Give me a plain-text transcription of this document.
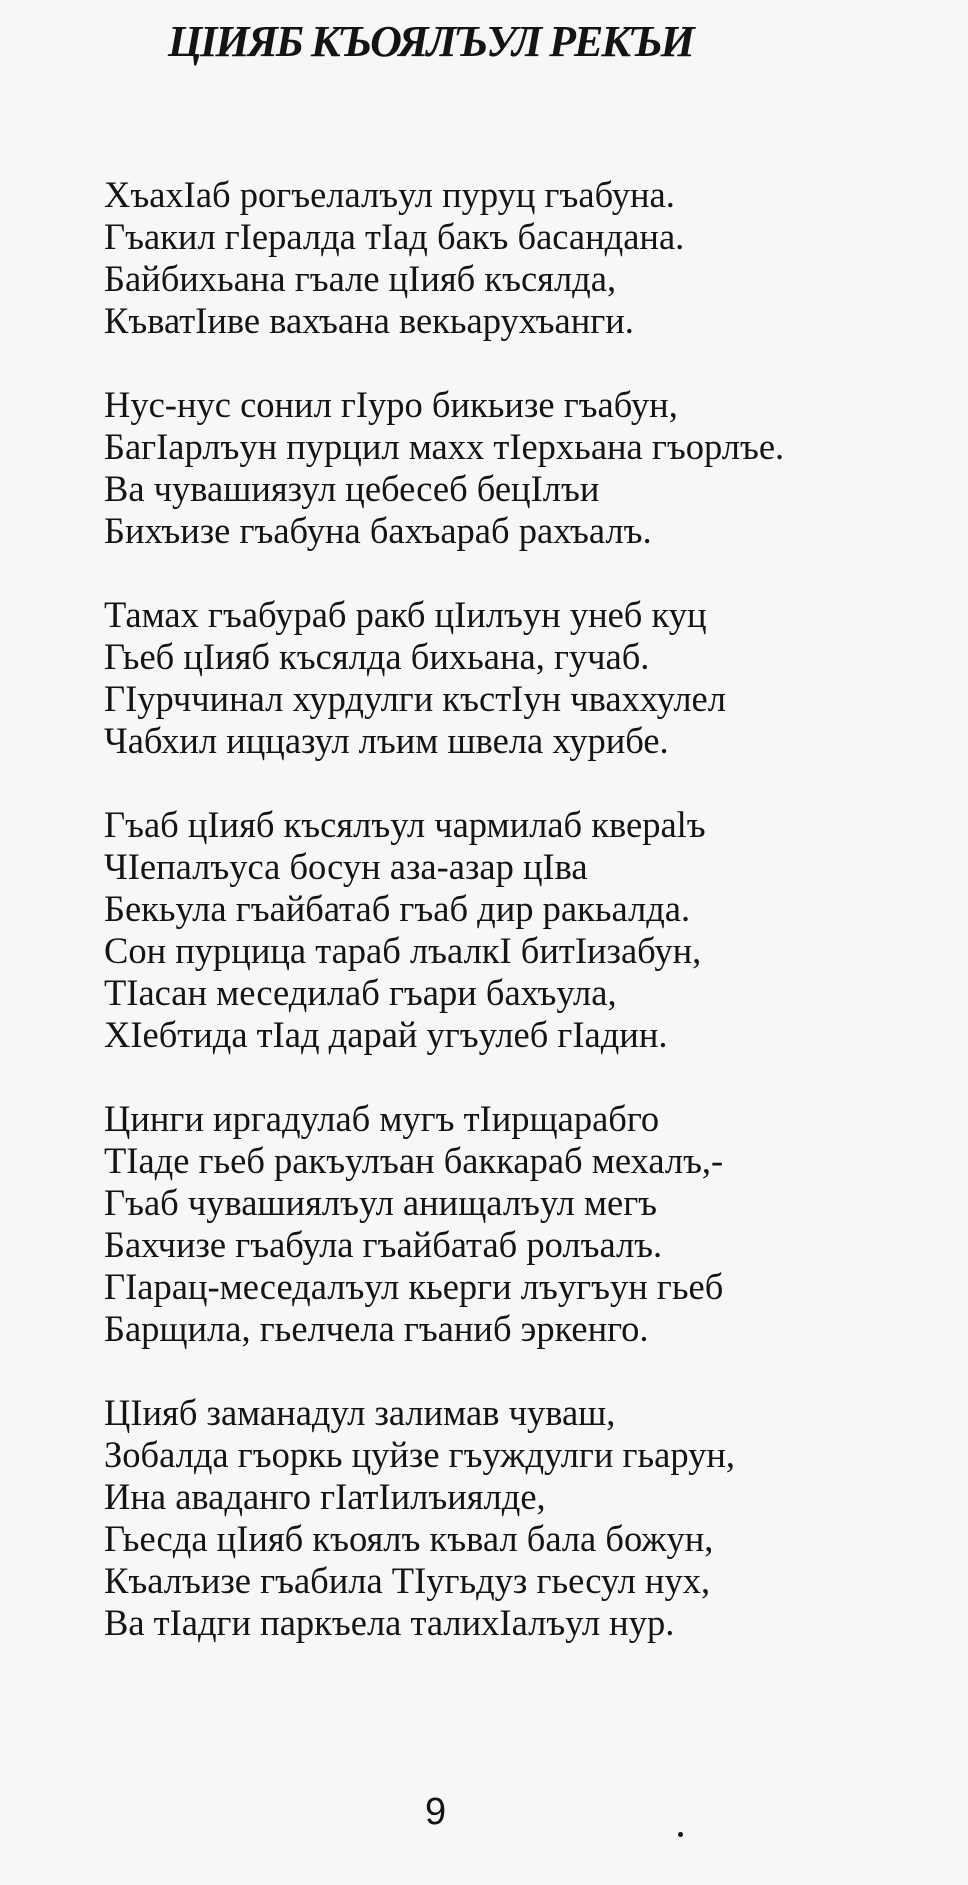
ЦIИЯБ КЪОЯЛЪУЛ РЕКЪИ
ХъахIаб рогъелалъул пуруц гъабуна.
Гъакил гIералда тIад бакъ басандана.
Байбихьана гъале цIияб късялда,
КъватIиве вахъана векьарухъанги.
Нус-нус сонил гIуро бикьизе гъабун,
БагIарлъун пурцил махх тIерхьана гъорлъе.
Ва чувашиязул цебесеб бецIлъи
Бихъизе гъабуна бахъараб рахъалъ.
Тамах гъабураб ракб цIилъун унеб куц
Гьеб цIияб късялда бихьана, гучаб.
ГIурччинал хурдулги къстIун чваххулел
Чабхил иццазул лъим швела хурибе.
Гъаб цIияб късялъул чармилаб кверalъ
ЧIепалъуса босун аза-азар цIва
Бекьула гъайбатаб гъаб дир ракьалда.
Сон пурцица тараб лъалкI битIизабун,
ТIасан меседилаб гъари бахъула,
ХIебтида тIад дарай угъулеб гIадин.
Цинги иргадулаб мугъ тIирщарабго
ТIаде гьеб ракъулъан баккараб мехалъ,-
Гъаб чувашиялъул анищалъул мегъ
Бахчизе гъабула гъайбатаб ролъалъ.
ГIарац-меседалъул кьерги лъугъун гьеб
Барщила, гьелчела гъаниб эркенго.
ЦIияб заманадул залимав чуваш,
Зобалда гъоркь цуйзе гъуждулги гьарун,
Ина аваданго гIатIилъиялде,
Гьесда цIияб къоялъ къвал бала божун,
Къалъизе гъабила ТIугьдуз гьесул нух,
Ва тIадги паркъела талихIалъул нур.
9
